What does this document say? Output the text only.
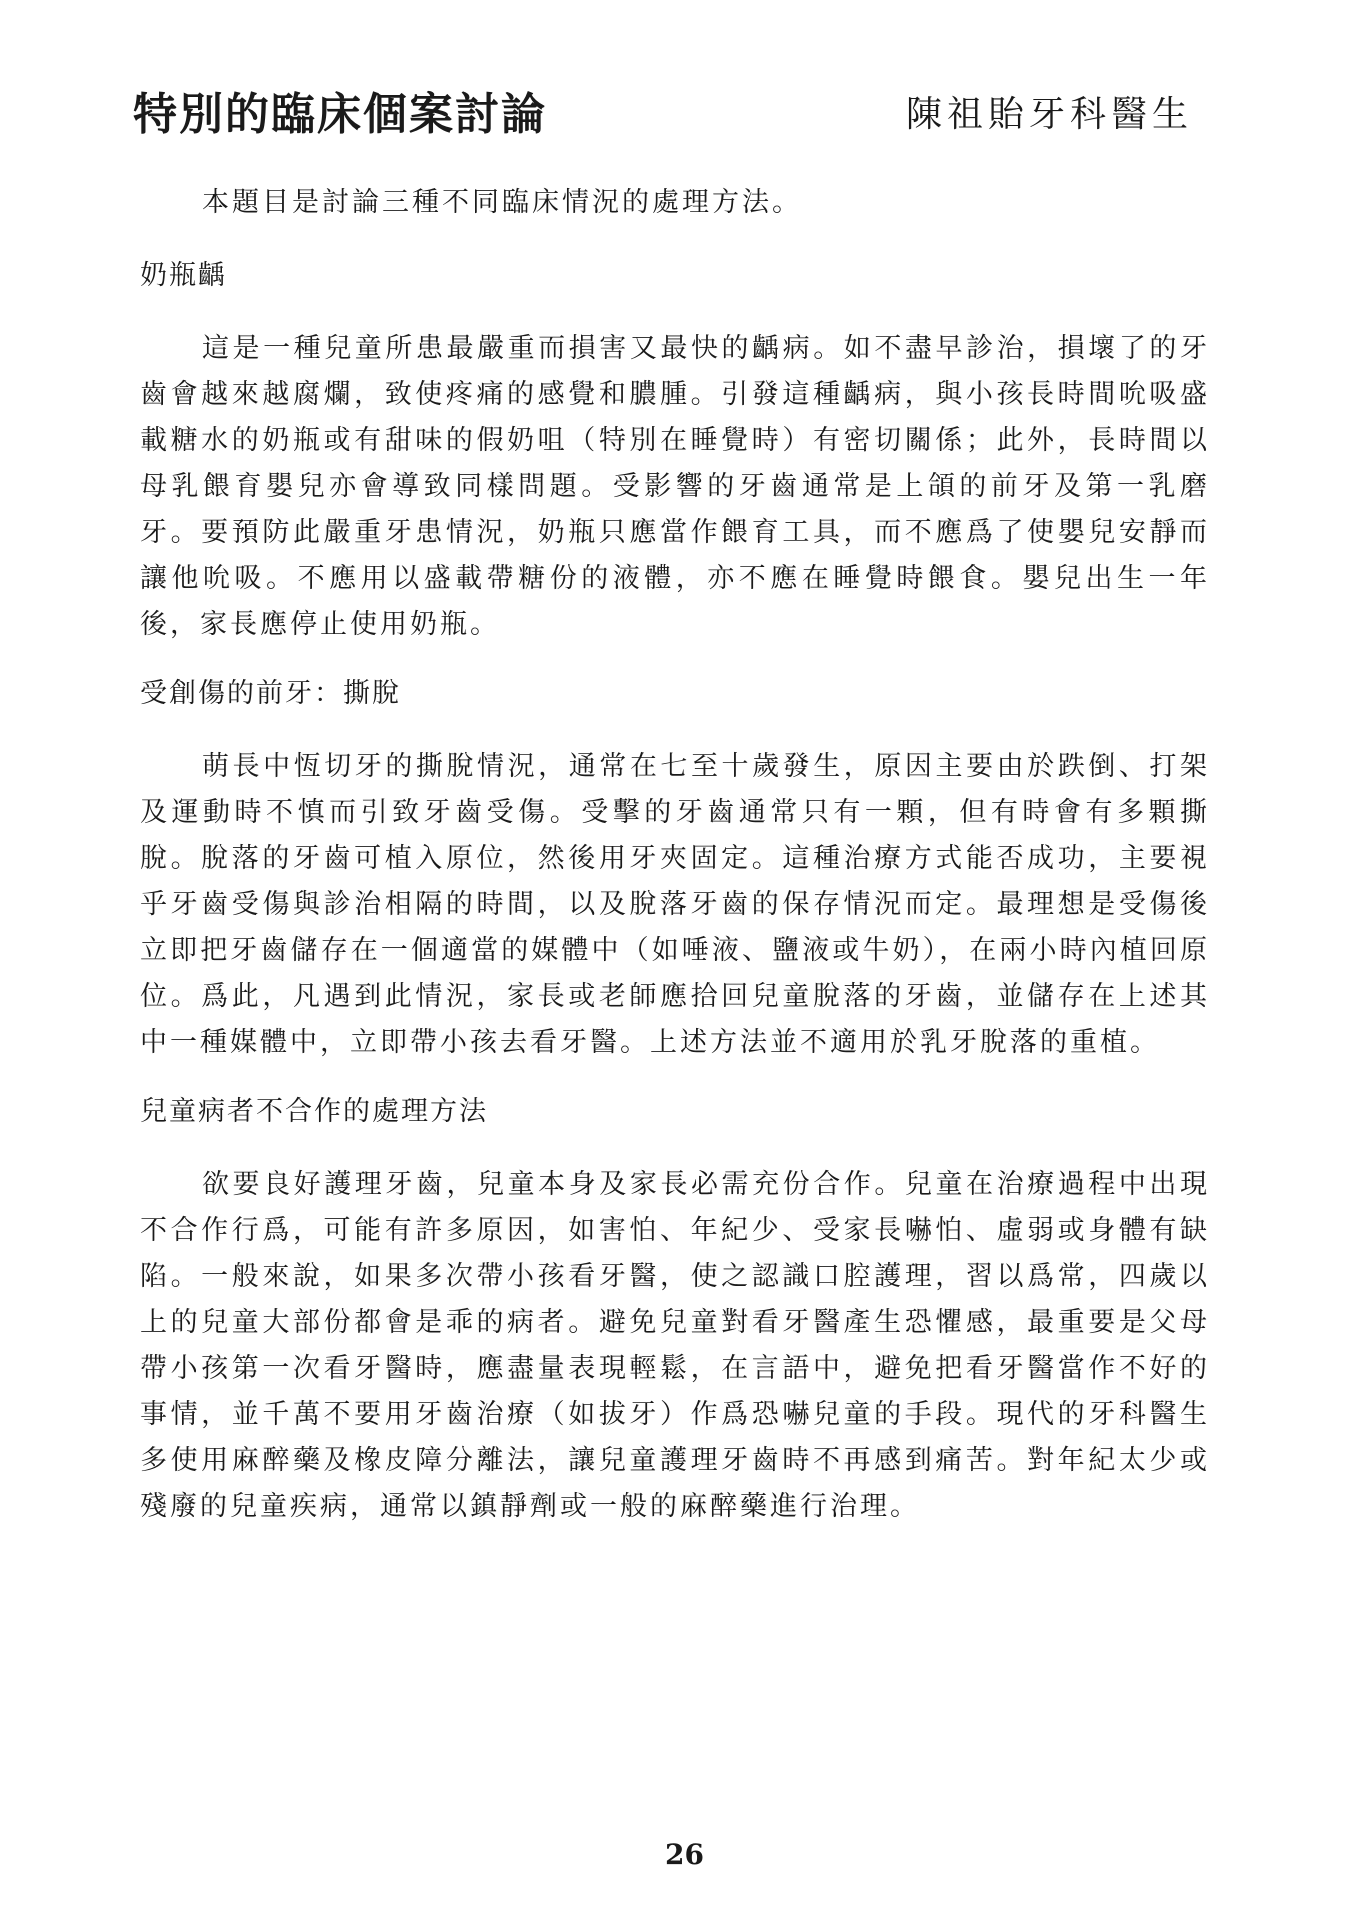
特別的臨床個案討論	陳祖貽牙科醫生

本題目是討論三種不同臨床情況的處理方法。

奶瓶齲

這是一種兒童所患最嚴重而損害又最快的齲病。如不盡早診治，損壞了的牙齒會越來越腐爛，致使疼痛的感覺和膿腫。引發這種齲病，與小孩長時間吮吸盛載糖水的奶瓶或有甜味的假奶咀（特別在睡覺時）有密切關係；此外，長時間以母乳餵育嬰兒亦會導致同樣問題。受影響的牙齒通常是上頜的前牙及第一乳磨牙。要預防此嚴重牙患情況，奶瓶只應當作餵育工具，而不應爲了使嬰兒安靜而讓他吮吸。不應用以盛載帶糖份的液體，亦不應在睡覺時餵食。嬰兒出生一年後，家長應停止使用奶瓶。

受創傷的前牙：撕脫

萌長中恆切牙的撕脫情況，通常在七至十歲發生，原因主要由於跌倒、打架及運動時不慎而引致牙齒受傷。受擊的牙齒通常只有一顆，但有時會有多顆撕脫。脫落的牙齒可植入原位，然後用牙夾固定。這種治療方式能否成功，主要視乎牙齒受傷與診治相隔的時間，以及脫落牙齒的保存情況而定。最理想是受傷後立即把牙齒儲存在一個適當的媒體中（如唾液、鹽液或牛奶），在兩小時內植回原位。爲此，凡遇到此情況，家長或老師應拾回兒童脫落的牙齒，並儲存在上述其中一種媒體中，立即帶小孩去看牙醫。上述方法並不適用於乳牙脫落的重植。

兒童病者不合作的處理方法

欲要良好護理牙齒，兒童本身及家長必需充份合作。兒童在治療過程中出現不合作行爲，可能有許多原因，如害怕、年紀少、受家長嚇怕、虛弱或身體有缺陷。一般來說，如果多次帶小孩看牙醫，使之認識口腔護理，習以爲常，四歲以上的兒童大部份都會是乖的病者。避免兒童對看牙醫產生恐懼感，最重要是父母帶小孩第一次看牙醫時，應盡量表現輕鬆，在言語中，避免把看牙醫當作不好的事情，並千萬不要用牙齒治療（如拔牙）作爲恐嚇兒童的手段。現代的牙科醫生多使用麻醉藥及橡皮障分離法，讓兒童護理牙齒時不再感到痛苦。對年紀太少或殘廢的兒童疾病，通常以鎮靜劑或一般的麻醉藥進行治理。

26
